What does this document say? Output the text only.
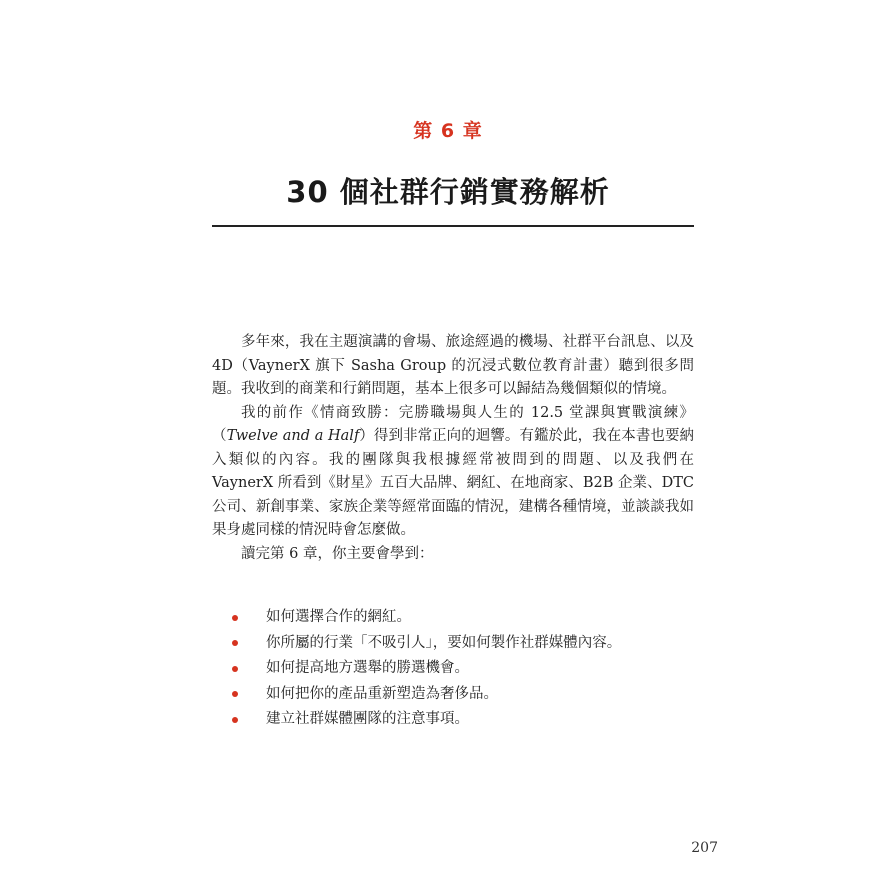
第 6 章
30 個社群行銷實務解析

多年來，我在主題演講的會場、旅途經過的機場、社群平台訊息、以及 4D（VaynerX 旗下 Sasha Group 的沉浸式數位教育計畫）聽到很多問題。我收到的商業和行銷問題，基本上很多可以歸結為幾個類似的情境。

我的前作《情商致勝：完勝職場與人生的 12.5 堂課與實戰演練》（Twelve and a Half）得到非常正向的迴響。有鑑於此，我在本書也要納入類似的內容。我的團隊與我根據經常被問到的問題、以及我們在 VaynerX 所看到《財星》五百大品牌、網紅、在地商家、B2B 企業、DTC 公司、新創事業、家族企業等經常面臨的情況，建構各種情境，並談談我如果身處同樣的情況時會怎麼做。

讀完第 6 章，你主要會學到：

如何選擇合作的網紅。
你所屬的行業「不吸引人」，要如何製作社群媒體內容。
如何提高地方選舉的勝選機會。
如何把你的產品重新塑造為奢侈品。
建立社群媒體團隊的注意事項。
207
